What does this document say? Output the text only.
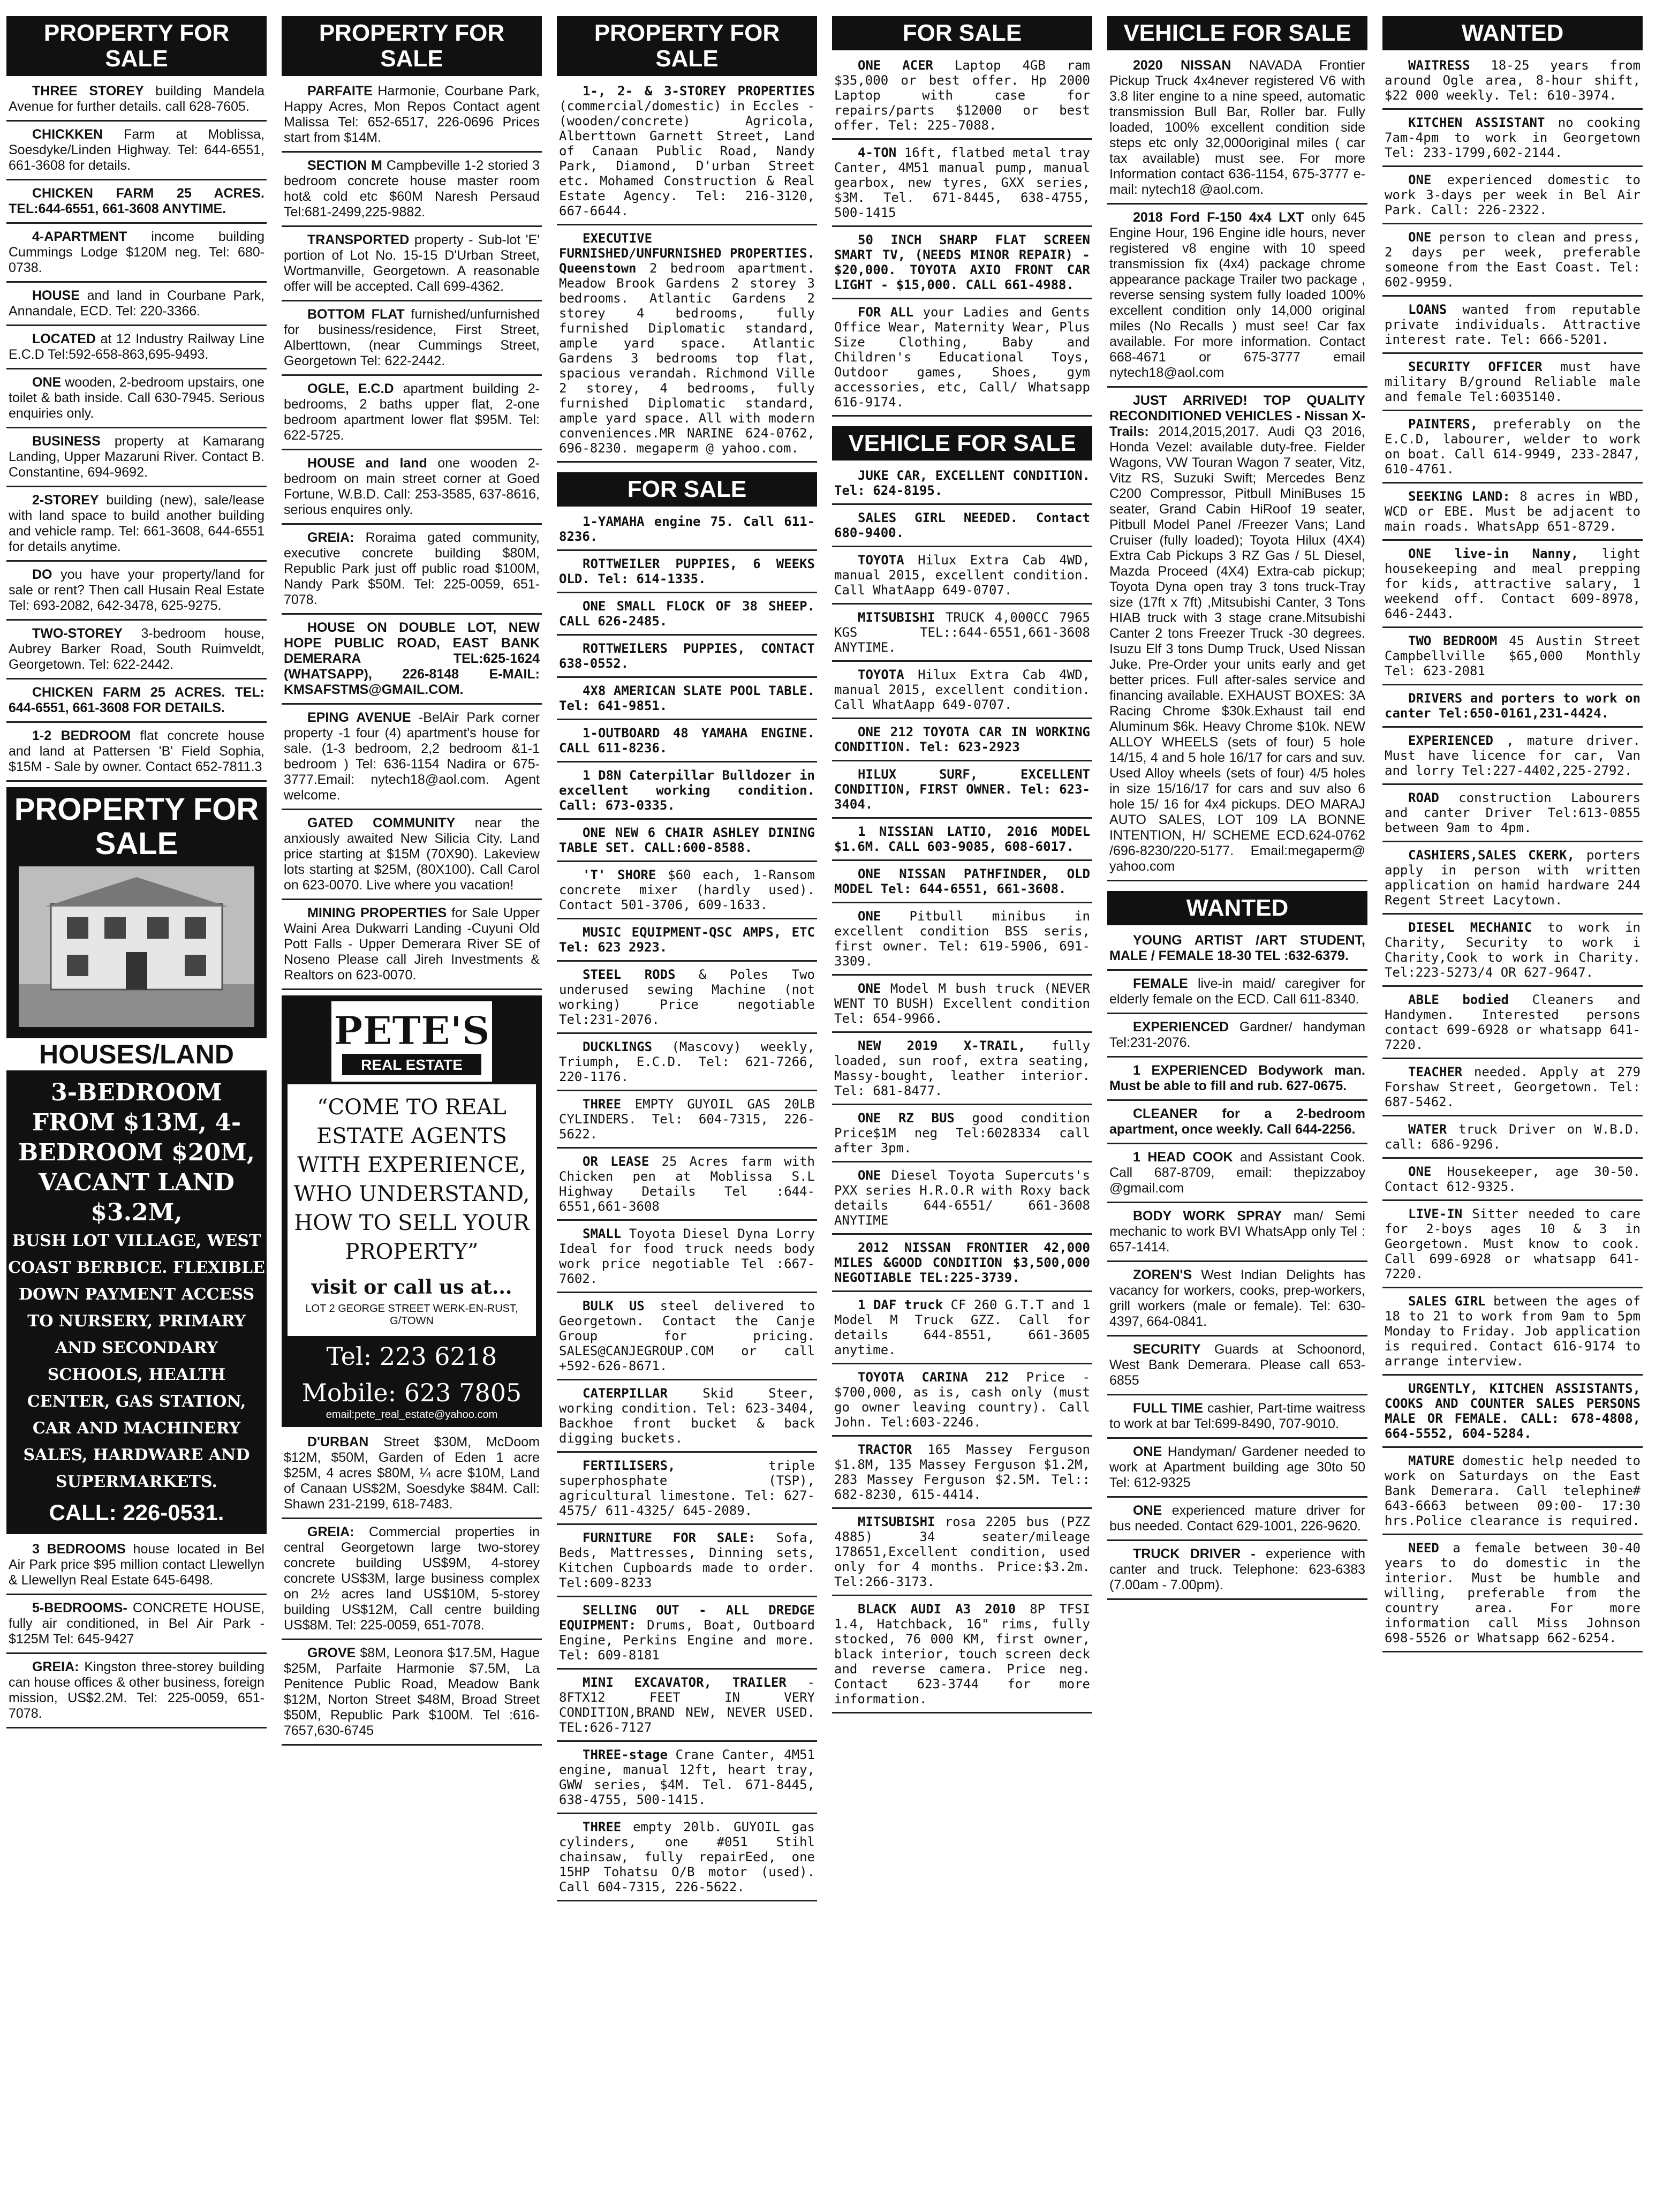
PROPERTY FOR SALE
THREE STOREY building Mandela Avenue for further details. call 628-7605.
CHICKKEN Farm at Moblissa, Soesdyke/Linden Highway. Tel: 644-6551, 661-3608 for details.
CHICKEN FARM 25 ACRES. TEL:644-6551, 661-3608 ANYTIME.
4-APARTMENT income building Cummings Lodge $120M neg. Tel: 680-0738.
HOUSE and land in Courbane Park, Annandale, ECD. Tel: 220-3366.
LOCATED at 12 Industry Railway Line E.C.D Tel:592-658-863,695-9493.
ONE wooden, 2-bedroom upstairs, one toilet & bath inside. Call 630-7945. Serious enquiries only.
BUSINESS property at Kamarang Landing, Upper Mazaruni River. Contact B. Constantine, 694-9692.
2-STOREY building (new), sale/lease with land space to build another building and vehicle ramp. Tel: 661-3608, 644-6551 for details anytime.
DO you have your property/land for sale or rent? Then call Husain Real Estate Tel: 693-2082, 642-3478, 625-9275.
TWO-STOREY 3-bedroom house, Aubrey Barker Road, South Ruimveldt, Georgetown. Tel: 622-2442.
CHICKEN FARM 25 ACRES. TEL: 644-6551, 661-3608 FOR DETAILS.
1-2 BEDROOM flat concrete house and land at Pattersen 'B' Field Sophia, $15M - Sale by owner. Contact 652-7811.3
PROPERTY FOR SALE
HOUSES/LAND
3-BEDROOM FROM $13M, 4-BEDROOM $20M, VACANT LAND $3.2M,
BUSH LOT VILLAGE, WEST COAST BERBICE. FLEXIBLE DOWN PAYMENT ACCESS TO NURSERY, PRIMARY AND SECONDARY SCHOOLS, HEALTH CENTER, GAS STATION, CAR AND MACHINERY SALES, HARDWARE AND SUPERMARKETS.
CALL: 226-0531.
3 BEDROOMS house located in Bel Air Park price $95 million contact Llewellyn & Llewellyn Real Estate 645-6498.
5-BEDROOMS- CONCRETE HOUSE, fully air conditioned, in Bel Air Park - $125M Tel: 645-9427
GREIA: Kingston three-storey building can house offices & other business, foreign mission, US$2.2M. Tel: 225-0059, 651-7078.
PROPERTY FOR SALE
PARFAITE Harmonie, Courbane Park, Happy Acres, Mon Repos Contact agent Malissa Tel: 652-6517, 226-0696 Prices start from $14M.
SECTION M Campbeville 1-2 storied 3 bedroom concrete house master room hot& cold etc $60M Naresh Persaud Tel:681-2499,225-9882.
TRANSPORTED property - Sub-lot 'E' portion of Lot No. 15-15 D'Urban Street, Wortmanville, Georgetown. A reasonable offer will be accepted. Call 699-4362.
BOTTOM FLAT furnished/unfurnished for business/residence, First Street, Alberttown, (near Cummings Street, Georgetown Tel: 622-2442.
OGLE, E.C.D apartment building 2-bedrooms, 2 baths upper flat, 2-one bedroom apartment lower flat $95M. Tel: 622-5725.
HOUSE and land one wooden 2-bedroom on main street corner at Goed Fortune, W.B.D. Call: 253-3585, 637-8616, serious enquires only.
GREIA: Roraima gated community, executive concrete building $80M, Republic Park just off public road $100M, Nandy Park $50M. Tel: 225-0059, 651-7078.
HOUSE ON DOUBLE LOT, NEW HOPE PUBLIC ROAD, EAST BANK DEMERARA TEL:625-1624 (WHATSAPP), 226-8148 E-MAIL: KMSAFSTMS@GMAIL.COM.
EPING AVENUE -BelAir Park corner property -1 four (4) apartment's house for sale. (1-3 bedroom, 2,2 bedroom &1-1 bedroom ) Tel: 636-1154 Nadira or 675-3777.Email: nytech18@aol.com. Agent welcome.
GATED COMMUNITY near the anxiously awaited New Silicia City. Land price starting at $15M (70X90). Lakeview lots starting at $25M, (80X100). Call Carol on 623-0070. Live where you vacation!
MINING PROPERTIES for Sale Upper Waini Area Dukwarri Landing -Cuyuni Old Pott Falls - Upper Demerara River SE of Noseno Please call Jireh Investments & Realtors on 623-0070.
PETE'S
REAL ESTATE
“COME TO REAL ESTATE AGENTS WITH EXPERIENCE, WHO UNDERSTAND, HOW TO SELL YOUR PROPERTY”
visit or call us at...
LOT 2 GEORGE STREET WERK-EN-RUST, G/TOWN
Tel: 223 6218
Mobile: 623 7805
email:pete_real_estate@yahoo.com
D'URBAN Street $30M, McDoom $12M, $50M, Garden of Eden 1 acre $25M, 4 acres $80M, ¼ acre $10M, Land of Canaan US$2M, Soesdyke $84M. Call: Shawn 231-2199, 618-7483.
GREIA: Commercial properties in central Georgetown large two-storey concrete building US$9M, 4-storey concrete US$3M, large business complex on 2½ acres land US$10M, 5-storey building US$12M, Call centre building US$8M. Tel: 225-0059, 651-7078.
GROVE $8M, Leonora $17.5M, Hague $25M, Parfaite Harmonie $7.5M, La Penitence Public Road, Meadow Bank $12M, Norton Street $48M, Broad Street $50M, Republic Park $100M. Tel :616-7657,630-6745
PROPERTY FOR SALE
1-, 2- & 3-STOREY PROPERTIES (commercial/domestic) in Eccles - (wooden/concrete) Agricola, Alberttown Garnett Street, Land of Canaan Public Road, Nandy Park, Diamond, D'urban Street etc. Mohamed Construction & Real Estate Agency. Tel: 216-3120, 667-6644.
EXECUTIVE FURNISHED/UNFURNISHED PROPERTIES. Queenstown 2 bedroom apartment. Meadow Brook Gardens 2 storey 3 bedrooms. Atlantic Gardens 2 storey 4 bedrooms, fully furnished Diplomatic standard, ample yard space. Atlantic Gardens 3 bedrooms top flat, spacious verandah. Richmond Ville 2 storey, 4 bedrooms, fully furnished Diplomatic standard, ample yard space. All with modern conveniences.MR NARINE 624-0762, 696-8230. megaperm @ yahoo.com.
FOR SALE
1-YAMAHA engine 75. Call 611-8236.
ROTTWEILER PUPPIES, 6 WEEKS OLD. Tel: 614-1335.
ONE SMALL FLOCK OF 38 SHEEP. CALL 626-2485.
ROTTWEILERS PUPPIES, CONTACT 638-0552.
4X8 AMERICAN SLATE POOL TABLE. Tel: 641-9851.
1-OUTBOARD 48 YAMAHA ENGINE. CALL 611-8236.
1 D8N Caterpillar Bulldozer in excellent working condition. Call: 673-0335.
ONE NEW 6 CHAIR ASHLEY DINING TABLE SET. CALL:600-8588.
'T' SHORE $60 each, 1-Ransom concrete mixer (hardly used). Contact 501-3706, 609-1633.
MUSIC EQUIPMENT-QSC AMPS, ETC Tel: 623 2923.
STEEL RODS & Poles Two underused sewing Machine (not working) Price negotiable Tel:231-2076.
DUCKLINGS (Mascovy) weekly, Triumph, E.C.D. Tel: 621-7266, 220-1176.
THREE EMPTY GUYOIL GAS 20LB CYLINDERS. Tel: 604-7315, 226-5622.
OR LEASE 25 Acres farm with Chicken pen at Moblissa S.L Highway Details Tel :644-6551,661-3608
SMALL Toyota Diesel Dyna Lorry Ideal for food truck needs body work price negotiable Tel :667-7602.
BULK US steel delivered to Georgetown. Contact the Canje Group for pricing. SALES@CANJEGROUP.COM or call +592-626-8671.
CATERPILLAR	Skid Steer, working condition. Tel: 623-3404, Backhoe front bucket & back digging buckets.
FERTILISERS,	triple superphosphate (TSP), agricultural limestone. Tel: 627-4575/ 611-4325/ 645-2089.
FURNITURE FOR SALE: Sofa, Beds, Mattresses, Dinning sets, Kitchen Cupboards made to order. Tel:609-8233
SELLING OUT - ALL DREDGE EQUIPMENT: Drums, Boat, Outboard Engine, Perkins Engine and more. Tel: 609-8181
MINI EXCAVATOR, TRAILER - 8FTX12 FEET IN VERY CONDITION,BRAND NEW, NEVER USED. TEL:626-7127
THREE-stage Crane Canter, 4M51 engine, manual 12ft, heart tray, GWW series, $4M. Tel. 671-8445, 638-4755, 500-1415.
THREE empty 20lb. GUYOIL gas cylinders, one #051 Stihl chainsaw, fully repairEed, one 15HP Tohatsu O/B motor (used). Call 604-7315, 226-5622.
FOR SALE
ONE ACER Laptop 4GB ram $35,000 or best offer. Hp 2000 Laptop with case for repairs/parts $12000 or best offer. Tel: 225-7088.
4-TON 16ft, flatbed metal tray Canter, 4M51 manual pump, manual gearbox, new tyres, GXX series, $3M. Tel. 671-8445, 638-4755, 500-1415
50 INCH SHARP FLAT SCREEN SMART TV, (NEEDS MINOR REPAIR) - $20,000. TOYOTA AXIO FRONT CAR LIGHT - $15,000. CALL 661-4988.
FOR ALL your Ladies and Gents Office Wear, Maternity Wear, Plus Size Clothing, Baby and Children's Educational Toys, Outdoor games, Shoes, gym accessories, etc, Call/ Whatsapp 616-9174.
VEHICLE FOR SALE
JUKE CAR, EXCELLENT CONDITION. Tel: 624-8195.
SALES GIRL NEEDED. Contact 680-9400.
TOYOTA Hilux Extra Cab 4WD, manual 2015, excellent condition. Call WhatAapp 649-0707.
MITSUBISHI TRUCK 4,000CC 7965 KGS TEL::644-6551,661-3608 ANYTIME.
TOYOTA Hilux Extra Cab 4WD, manual 2015, excellent condition. Call WhatAapp 649-0707.
ONE 212 TOYOTA CAR IN WORKING CONDITION. Tel: 623-2923
HILUX SURF, EXCELLENT CONDITION, FIRST OWNER. Tel: 623-3404.
1 NISSIAN LATIO, 2016 MODEL $1.6M. CALL 603-9085, 608-6017.
ONE NISSAN PATHFINDER, OLD MODEL Tel: 644-6551, 661-3608.
ONE Pitbull minibus in excellent condition BSS seris, first owner. Tel: 619-5906, 691-3309.
ONE Model M bush truck (NEVER WENT TO BUSH) Excellent condition Tel: 654-9966.
NEW 2019 X-TRAIL, fully loaded, sun roof, extra seating, Massy-bought, leather interior. Tel: 681-8477.
ONE RZ BUS good condition Price$1M neg Tel:6028334 call after 3pm.
ONE Diesel Toyota Supercuts's PXX series H.R.O.R with Roxy back details 644-6551/ 661-3608 ANYTIME
2012 NISSAN FRONTIER 42,000 MILES &GOOD CONDITION $3,500,000 NEGOTIABLE TEL:225-3739.
1 DAF truck CF 260 G.T.T and 1 Model M Truck GZZ. Call for details 644-8551, 661-3605 anytime.
TOYOTA CARINA 212 Price - $700,000, as is, cash only (must go owner leaving country). Call John. Tel:603-2246.
TRACTOR 165 Massey Ferguson $1.8M, 135 Massey Ferguson $1.2M, 283 Massey Ferguson $2.5M. Tel:: 682-8230, 615-4414.
MITSUBISHI rosa 2205 bus (PZZ 4885) 34 seater/mileage 178651,Excellent condition, used only for 4 months. Price:$3.2m. Tel:266-3173.
BLACK AUDI A3 2010 8P TFSI 1.4, Hatchback, 16" rims, fully stocked, 76 000 KM, first owner, black interior, touch screen deck and reverse camera. Price neg. Contact 623-3744 for more information.
VEHICLE FOR SALE
2020 NISSAN NAVADA Frontier Pickup Truck 4x4never registered V6 with 3.8 liter engine to a nine speed, automatic transmission Bull Bar, Roller bar. Fully loaded, 100% excellent condition side steps etc only 32,000original miles ( car tax available) must see. For more Information contact 636-1154, 675-3777 e-mail: nytech18 @aol.com.
2018 Ford F-150 4x4 LXT only 645 Engine Hour, 196 Engine idle hours, never registered v8 engine with 10 speed transmission fix (4x4) package chrome appearance package Trailer two package , reverse sensing system fully loaded 100% excellent condition only 14,000 original miles (No Recalls ) must see! Car fax available. For more information. Contact 668-4671 or 675-3777 email nytech18@aol.com
JUST ARRIVED! TOP QUALITY RECONDITIONED VEHICLES - Nissan X-Trails: 2014,2015,2017. Audi Q3 2016, Honda Vezel: available duty-free. Fielder Wagons, VW Touran Wagon 7 seater, Vitz, Vitz RS, Suzuki Swift; Mercedes Benz C200 Compressor, Pitbull MiniBuses 15 seater, Grand Cabin HiRoof 19 seater, Pitbull Model Panel /Freezer Vans; Land Cruiser (fully loaded); Toyota Hilux (4X4) Extra Cab Pickups 3 RZ Gas / 5L Diesel, Mazda Proceed (4X4) Extra-cab pickup; Toyota Dyna open tray 3 tons truck-Tray size (17ft x 7ft) ,Mitsubishi Canter, 3 Tons HIAB truck with 3 stage crane.Mitsubishi Canter 2 tons Freezer Truck -30 degrees. Isuzu Elf 3 tons Dump Truck, Used Nissan Juke. Pre-Order your units early and get better prices. Full after-sales service and financing available. EXHAUST BOXES: 3A Racing Chrome $30k.Exhaust tail end Aluminum $6k. Heavy Chrome $10k. NEW ALLOY WHEELS (sets of four) 5 hole 14/15, 4 and 5 hole 16/17 for cars and suv. Used Alloy wheels (sets of four) 4/5 holes in size 15/16/17 for cars and suv also 6 hole 15/ 16 for 4x4 pickups. DEO MARAJ AUTO SALES, LOT 109 LA BONNE INTENTION, H/ SCHEME ECD.624-0762 /696-8230/220-5177. Email:megaperm@ yahoo.com
WANTED
YOUNG ARTIST /ART STUDENT, MALE / FEMALE 18-30 TEL :632-6379.
FEMALE live-in maid/ caregiver for elderly female on the ECD. Call 611-8340.
EXPERIENCED Gardner/ handyman Tel:231-2076.
1 EXPERIENCED Bodywork man. Must be able to fill and rub. 627-0675.
CLEANER for a 2-bedroom apartment, once weekly. Call 644-2256.
1 HEAD COOK and Assistant Cook. Call 687-8709, email: thepizzaboy @gmail.com
BODY WORK SPRAY man/ Semi mechanic to work BVI WhatsApp only Tel : 657-1414.
ZOREN'S West Indian Delights has vacancy for workers, cooks, prep-workers, grill workers (male or female). Tel: 630-4397, 664-0841.
SECURITY Guards at Schoonord, West Bank Demerara. Please call 653-6855
FULL TIME cashier, Part-time waitress to work at bar Tel:699-8490, 707-9010.
ONE Handyman/ Gardener needed to work at Apartment building age 30to 50 Tel: 612-9325
ONE experienced mature driver for bus needed. Contact 629-1001, 226-9620.
TRUCK DRIVER - experience with canter and truck. Telephone: 623-6383 (7.00am - 7.00pm).
WANTED
WAITRESS 18-25 years from around Ogle area, 8-hour shift, $22 000 weekly. Tel: 610-3974.
KITCHEN ASSISTANT no cooking 7am-4pm to work in Georgetown Tel: 233-1799,602-2144.
ONE experienced domestic to work 3-days per week in Bel Air Park. Call: 226-2322.
ONE person to clean and press, 2 days per week, preferable someone from the East Coast. Tel: 602-9959.
LOANS wanted from reputable private individuals. Attractive interest rate. Tel: 666-5201.
SECURITY OFFICER must have military B/ground Reliable male and female Tel:6035140.
PAINTERS, preferably on the E.C.D, labourer, welder to work on boat. Call 614-9949, 233-2847, 610-4761.
SEEKING LAND: 8 acres in WBD, WCD or EBE. Must be adjacent to main roads. WhatsApp 651-8729.
ONE live-in Nanny, light housekeeping and meal prepping for kids, attractive salary, 1 weekend off. Contact 609-8978, 646-2443.
TWO BEDROOM 45 Austin Street Campbellville $65,000 Monthly Tel: 623-2081
DRIVERS and porters to work on canter Tel:650-0161,231-4424.
EXPERIENCED , mature driver. Must have licence for car, Van and lorry Tel:227-4402,225-2792.
ROAD construction Labourers and canter Driver Tel:613-0855 between 9am to 4pm.
CASHIERS,SALES CKERK, porters apply in person with written application on hamid hardware 244 Regent Street Lacytown.
DIESEL MECHANIC to work in Charity, Security to work i Charity,Cook to work in Charity. Tel:223-5273/4 OR 627-9647.
ABLE bodied Cleaners and Handymen. Interested persons contact 699-6928 or whatsapp 641-7220.
TEACHER needed. Apply at 279 Forshaw Street, Georgetown. Tel: 687-5462.
WATER truck Driver on W.B.D. call: 686-9296.
ONE Housekeeper, age 30-50. Contact 612-9325.
LIVE-IN Sitter needed to care for 2-boys ages 10 & 3 in Georgetown. Must know to cook. Call 699-6928 or whatsapp 641-7220.
SALES GIRL between the ages of 18 to 21 to work from 9am to 5pm Monday to Friday. Job application is required. Contact 616-9174 to arrange interview.
URGENTLY, KITCHEN ASSISTANTS, COOKS AND COUNTER SALES PERSONS MALE OR FEMALE. CALL: 678-4808, 664-5552, 604-5284.
MATURE domestic help needed to work on Saturdays on the East Bank Demerara. Call telephine# 643-6663 between 09:00- 17:30 hrs.Police clearance is required.
NEED a female between 30-40 years to do domestic in the interior. Must be humble and willing, preferable from the country area. For more information call Miss Johnson 698-5526 or Whatsapp 662-6254.
